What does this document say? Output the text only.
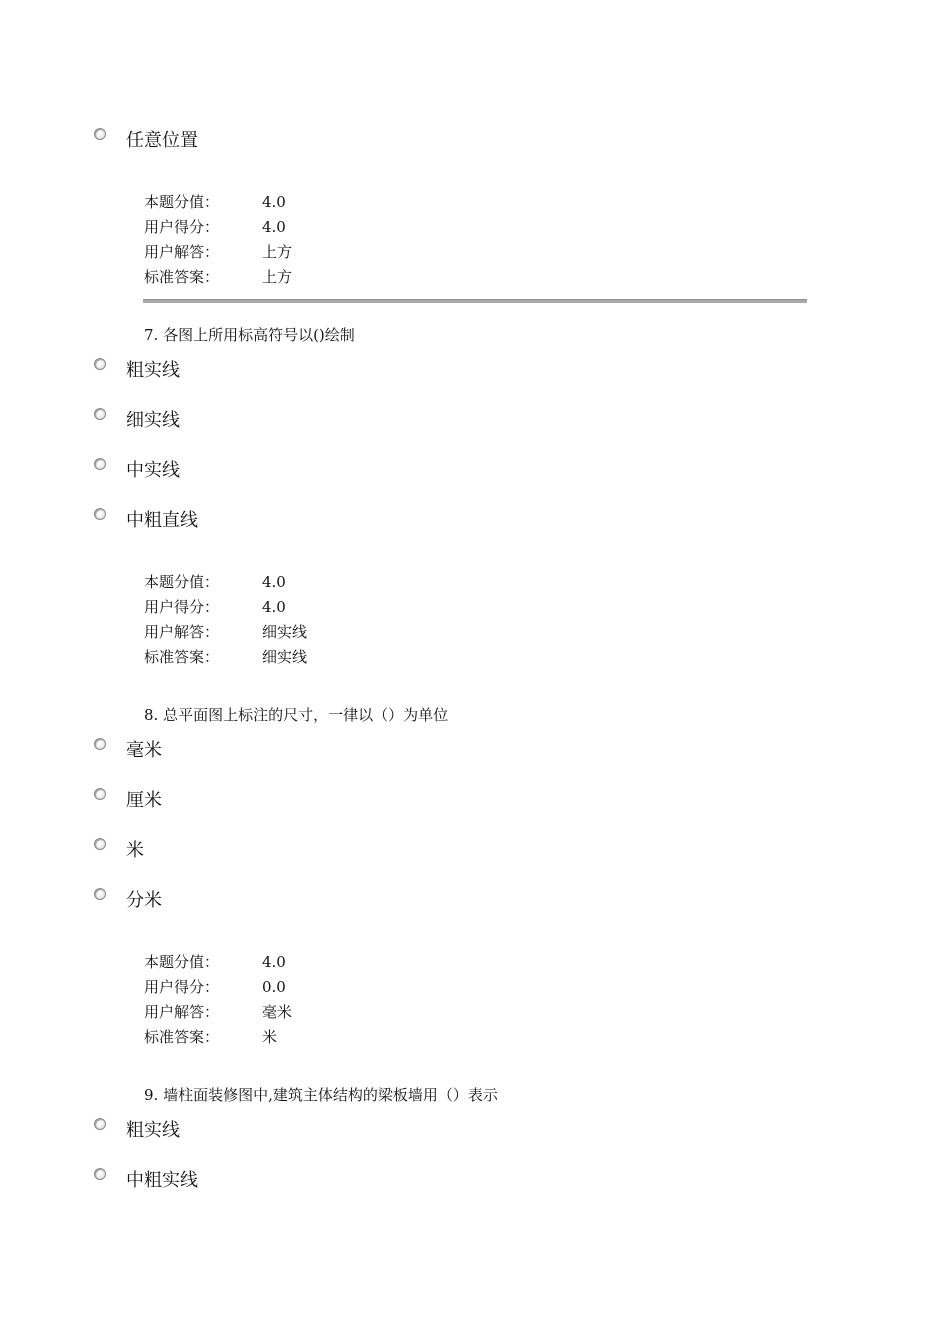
任意位置
本题分值：	4.0
用户得分：	4.0
用户解答：	上方
标准答案：	上方
7. 各图上所用标高符号以()绘制
粗实线
细实线
中实线
中粗直线
本题分值：	4.0
用户得分：	4.0
用户解答：	细实线
标准答案：	细实线
8. 总平面图上标注的尺寸，一律以（）为单位
毫米
厘米
米
分米
本题分值：	4.0
用户得分：	0.0
用户解答：	毫米
标准答案：	米
9. 墙柱面装修图中,建筑主体结构的梁板墙用（）表示
粗实线
中粗实线
